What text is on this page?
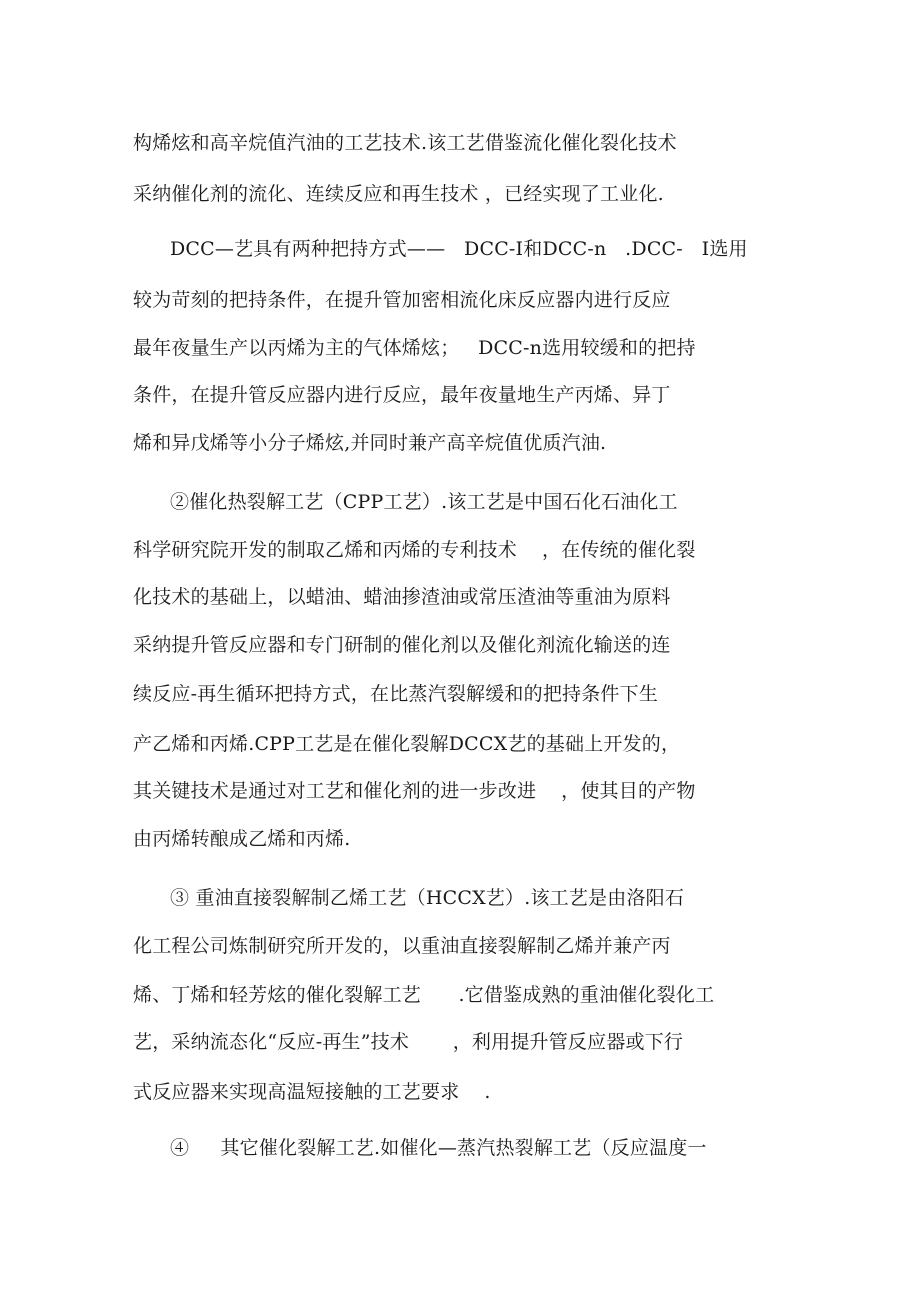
构烯炫和高辛烷值汽油的工艺技术.该工艺借鉴流化催化裂化技术
采纳催化剂的流化、连续反应和再生技术 ，已经实现了工业化.
DCC—艺具有两种把持方式——   DCC-I和DCC-n   .DCC-   I选用
较为苛刻的把持条件，在提升管加密相流化床反应器内进行反应
最年夜量生产以丙烯为主的气体烯炫；   DCC-n选用较缓和的把持
条件，在提升管反应器内进行反应，最年夜量地生产丙烯、异丁
烯和异戊烯等小分子烯炫,并同时兼产高辛烷值优质汽油.
②催化热裂解工艺（CPP工艺）.该工艺是中国石化石油化工
科学研究院开发的制取乙烯和丙烯的专利技术    ，在传统的催化裂
化技术的基础上，以蜡油、蜡油掺渣油或常压渣油等重油为原料
采纳提升管反应器和专门研制的催化剂以及催化剂流化输送的连
续反应-再生循环把持方式，在比蒸汽裂解缓和的把持条件下生
产乙烯和丙烯.CPP工艺是在催化裂解DCCX艺的基础上开发的，
其关键技术是通过对工艺和催化剂的进一步改进    ，使其目的产物
由丙烯转酿成乙烯和丙烯.
③ 重油直接裂解制乙烯工艺（HCCX艺）.该工艺是由洛阳石
化工程公司炼制研究所开发的，以重油直接裂解制乙烯并兼产丙
烯、丁烯和轻芳炫的催化裂解工艺      .它借鉴成熟的重油催化裂化工
艺，采纳流态化“反应-再生”技术       ，利用提升管反应器或下行
式反应器来实现高温短接触的工艺要求    .
④     其它催化裂解工艺.如催化—蒸汽热裂解工艺（反应温度一
